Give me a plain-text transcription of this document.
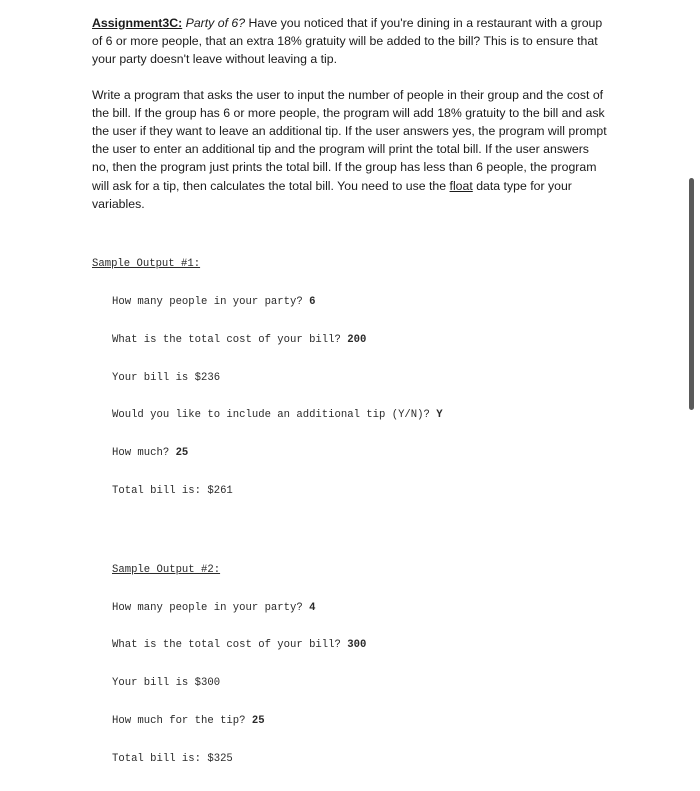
Assignment3C: Party of 6? Have you noticed that if you're dining in a restaurant with a group of 6 or more people, that an extra 18% gratuity will be added to the bill? This is to ensure that your party doesn't leave without leaving a tip.

Write a program that asks the user to input the number of people in their group and the cost of the bill. If the group has 6 or more people, the program will add 18% gratuity to the bill and ask the user if they want to leave an additional tip. If the user answers yes, the program will prompt the user to enter an additional tip and the program will print the total bill. If the user answers no, then the program just prints the total bill. If the group has less than 6 people, the program will ask for a tip, then calculates the total bill. You need to use the float data type for your variables.

Sample Output #1:

How many people in your party? 6

What is the total cost of your bill? 200

Your bill is $236

Would you like to include an additional tip (Y/N)? Y

How much? 25

Total bill is: $261

Sample Output #2:

How many people in your party? 4

What is the total cost of your bill? 300

Your bill is $300

How much for the tip? 25

Total bill is: $325
